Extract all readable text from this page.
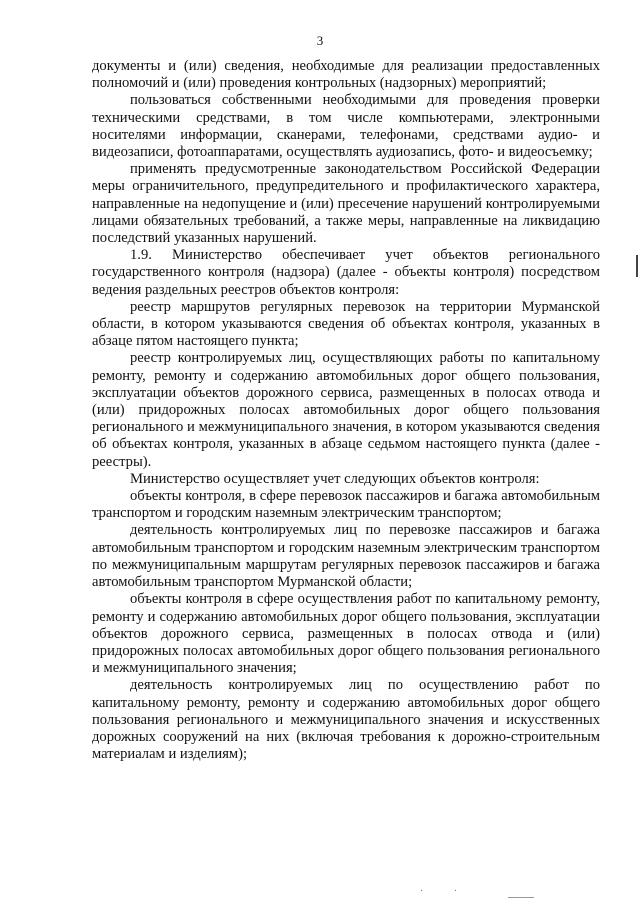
3

документы и (или) сведения, необходимые для реализации предоставленных полномочий и (или) проведения контрольных (надзорных) мероприятий;

пользоваться собственными необходимыми для проведения проверки техническими средствами, в том числе компьютерами, электронными носителями информации, сканерами, телефонами, средствами аудио- и видеозаписи, фотоаппаратами, осуществлять аудиозапись, фото- и видеосъемку;

применять предусмотренные законодательством Российской Федерации меры ограничительного, предупредительного и профилактического характера, направленные на недопущение и (или) пресечение нарушений контролируемыми лицами обязательных требований, а также меры, направленные на ликвидацию последствий указанных нарушений.

1.9. Министерство обеспечивает учет объектов регионального государственного контроля (надзора) (далее - объекты контроля) посредством ведения раздельных реестров объектов контроля:

реестр маршрутов регулярных перевозок на территории Мурманской области, в котором указываются сведения об объектах контроля, указанных в абзаце пятом настоящего пункта;

реестр контролируемых лиц, осуществляющих работы по капитальному ремонту, ремонту и содержанию автомобильных дорог общего пользования, эксплуатации объектов дорожного сервиса, размещенных в полосах отвода и (или) придорожных полосах автомобильных дорог общего пользования регионального и межмуниципального значения, в котором указываются сведения об объектах контроля, указанных в абзаце седьмом настоящего пункта (далее - реестры).

Министерство осуществляет учет следующих объектов контроля:

объекты контроля, в сфере перевозок пассажиров и багажа автомобильным транспортом и городским наземным электрическим транспортом;

деятельность контролируемых лиц по перевозке пассажиров и багажа автомобильным транспортом и городским наземным электрическим транспортом по межмуниципальным маршрутам регулярных перевозок пассажиров и багажа автомобильным транспортом Мурманской области;

объекты контроля в сфере осуществления работ по капитальному ремонту, ремонту и содержанию автомобильных дорог общего пользования, эксплуатации объектов дорожного сервиса, размещенных в полосах отвода и (или) придорожных полосах автомобильных дорог общего пользования регионального и межмуниципального значения;

деятельность контролируемых лиц по осуществлению работ по капитальному ремонту, ремонту и содержанию автомобильных дорог общего пользования регионального и межмуниципального значения и искусственных дорожных сооружений на них (включая требования к дорожно-строительным материалам и изделиям);

· ·
